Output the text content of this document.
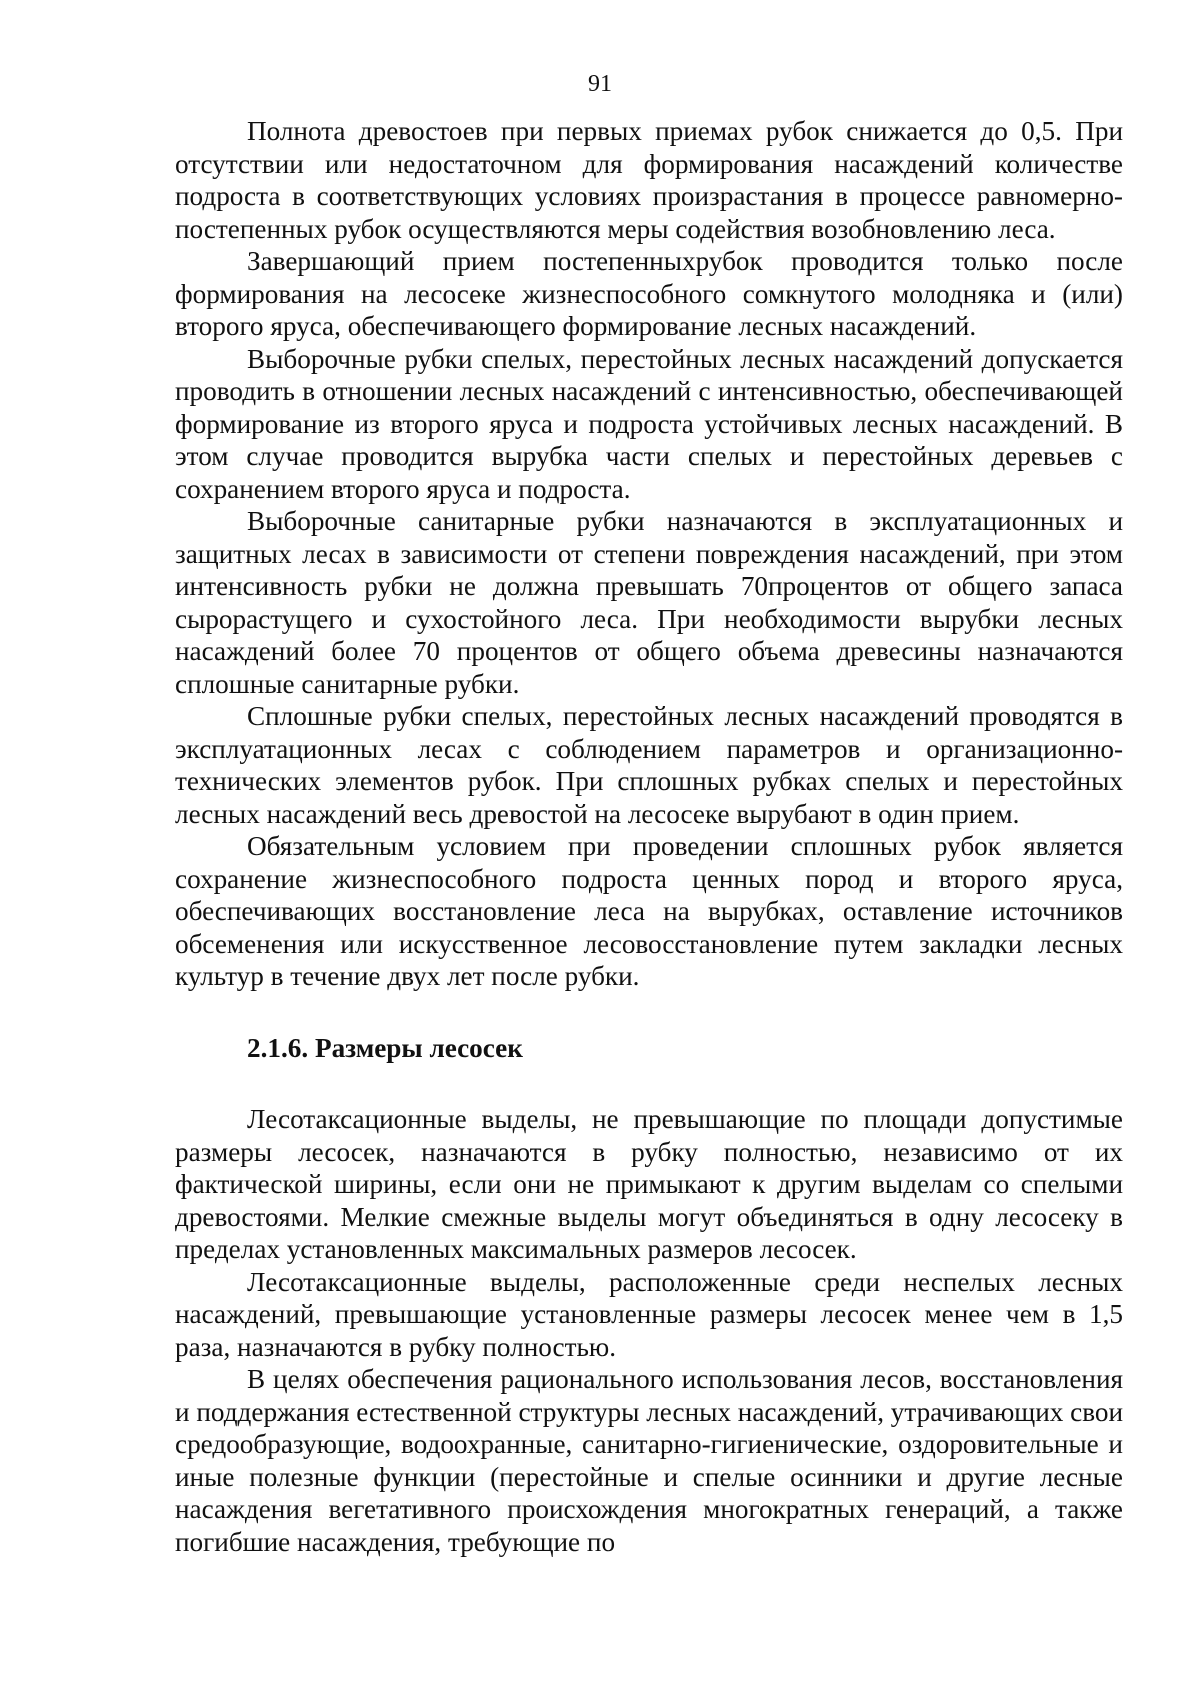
91

Полнота древостоев при первых приемах рубок снижается до 0,5. При отсутствии или недостаточном для формирования насаждений количестве подроста в соответствующих условиях произрастания в процессе равномерно-постепенных рубок осуществляются меры содействия возобновлению леса.

Завершающий прием постепенныхрубок проводится только после формирования на лесосеке жизнеспособного сомкнутого молодняка и (или) второго яруса, обеспечивающего формирование лесных насаждений.

Выборочные рубки спелых, перестойных лесных насаждений допускается проводить в отношении лесных насаждений с интенсивностью, обеспечивающей формирование из второго яруса и подроста устойчивых лесных насаждений. В этом случае проводится вырубка части спелых и перестойных деревьев с сохранением второго яруса и подроста.

Выборочные санитарные рубки назначаются в эксплуатационных и защитных лесах в зависимости от степени повреждения насаждений, при этом интенсивность рубки не должна превышать 70процентов от общего запаса сырорастущего и сухостойного леса. При необходимости вырубки лесных насаждений более 70 процентов от общего объема древесины назначаются сплошные санитарные рубки.

Сплошные рубки спелых, перестойных лесных насаждений проводятся в эксплуатационных лесах с соблюдением параметров и организационно-технических элементов рубок. При сплошных рубках спелых и перестойных лесных насаждений весь древостой на лесосеке вырубают в один прием.

Обязательным условием при проведении сплошных рубок является сохранение жизнеспособного подроста ценных пород и второго яруса, обеспечивающих восстановление леса на вырубках, оставление источников обсеменения или искусственное лесовосстановление путем закладки лесных культур в течение двух лет после рубки.

2.1.6. Размеры лесосек

Лесотаксационные выделы, не превышающие по площади допустимые размеры лесосек, назначаются в рубку полностью, независимо от их фактической ширины, если они не примыкают к другим выделам со спелыми древостоями. Мелкие смежные выделы могут объединяться в одну лесосеку в пределах установленных максимальных размеров лесосек.

Лесотаксационные выделы, расположенные среди неспелых лесных насаждений, превышающие установленные размеры лесосек менее чем в 1,5 раза, назначаются в рубку полностью.

В целях обеспечения рационального использования лесов, восстановления и поддержания естественной структуры лесных насаждений, утрачивающих свои средообразующие, водоохранные, санитарно-гигиенические, оздоровительные и иные полезные функции (перестойные и спелые осинники и другие лесные насаждения вегетативного происхождения многократных генераций, а также погибшие насаждения, требующие по
